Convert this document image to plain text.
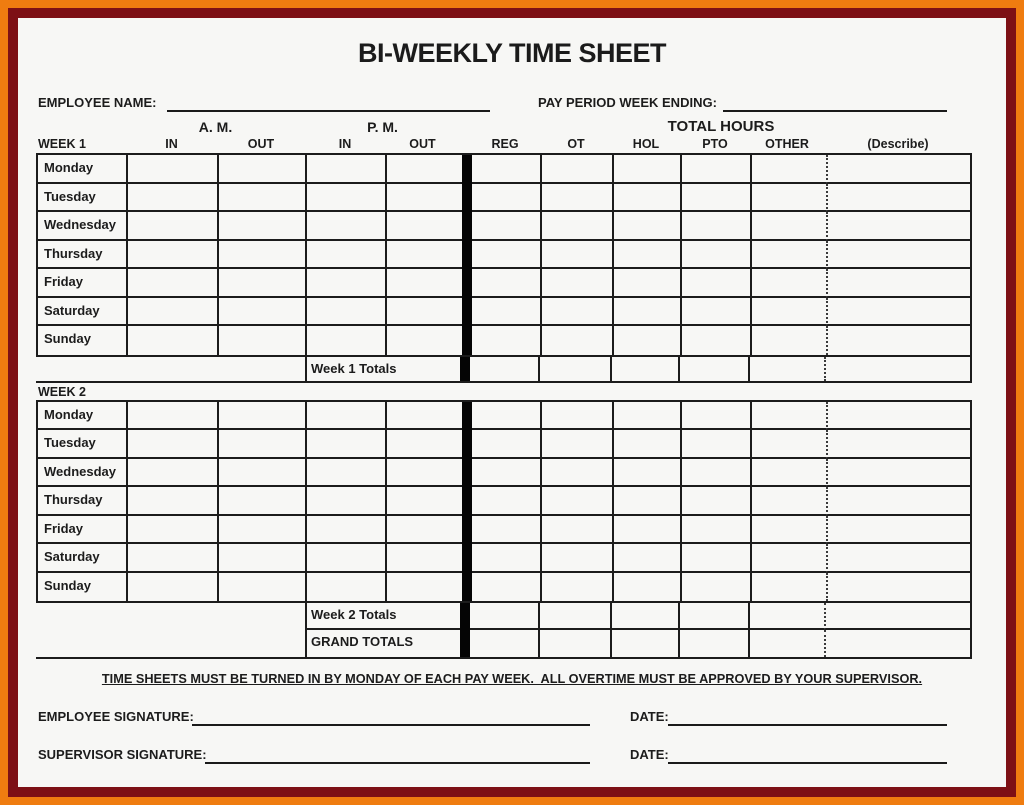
BI-WEEKLY TIME SHEET
EMPLOYEE NAME:	PAY PERIOD WEEK ENDING:
A. M.	P. M.	TOTAL HOURS
WEEK 1	IN	OUT	IN	OUT	REG	OT	HOL	PTO	OTHER	(Describe)
Monday
Tuesday
Wednesday
Thursday
Friday
Saturday
Sunday
Week 1 Totals
WEEK 2
Monday
Tuesday
Wednesday
Thursday
Friday
Saturday
Sunday
Week 2 Totals
GRAND TOTALS
TIME SHEETS MUST BE TURNED IN BY MONDAY OF EACH PAY WEEK.  ALL OVERTIME MUST BE APPROVED BY YOUR SUPERVISOR.
EMPLOYEE SIGNATURE:	DATE:
SUPERVISOR SIGNATURE:	DATE:
